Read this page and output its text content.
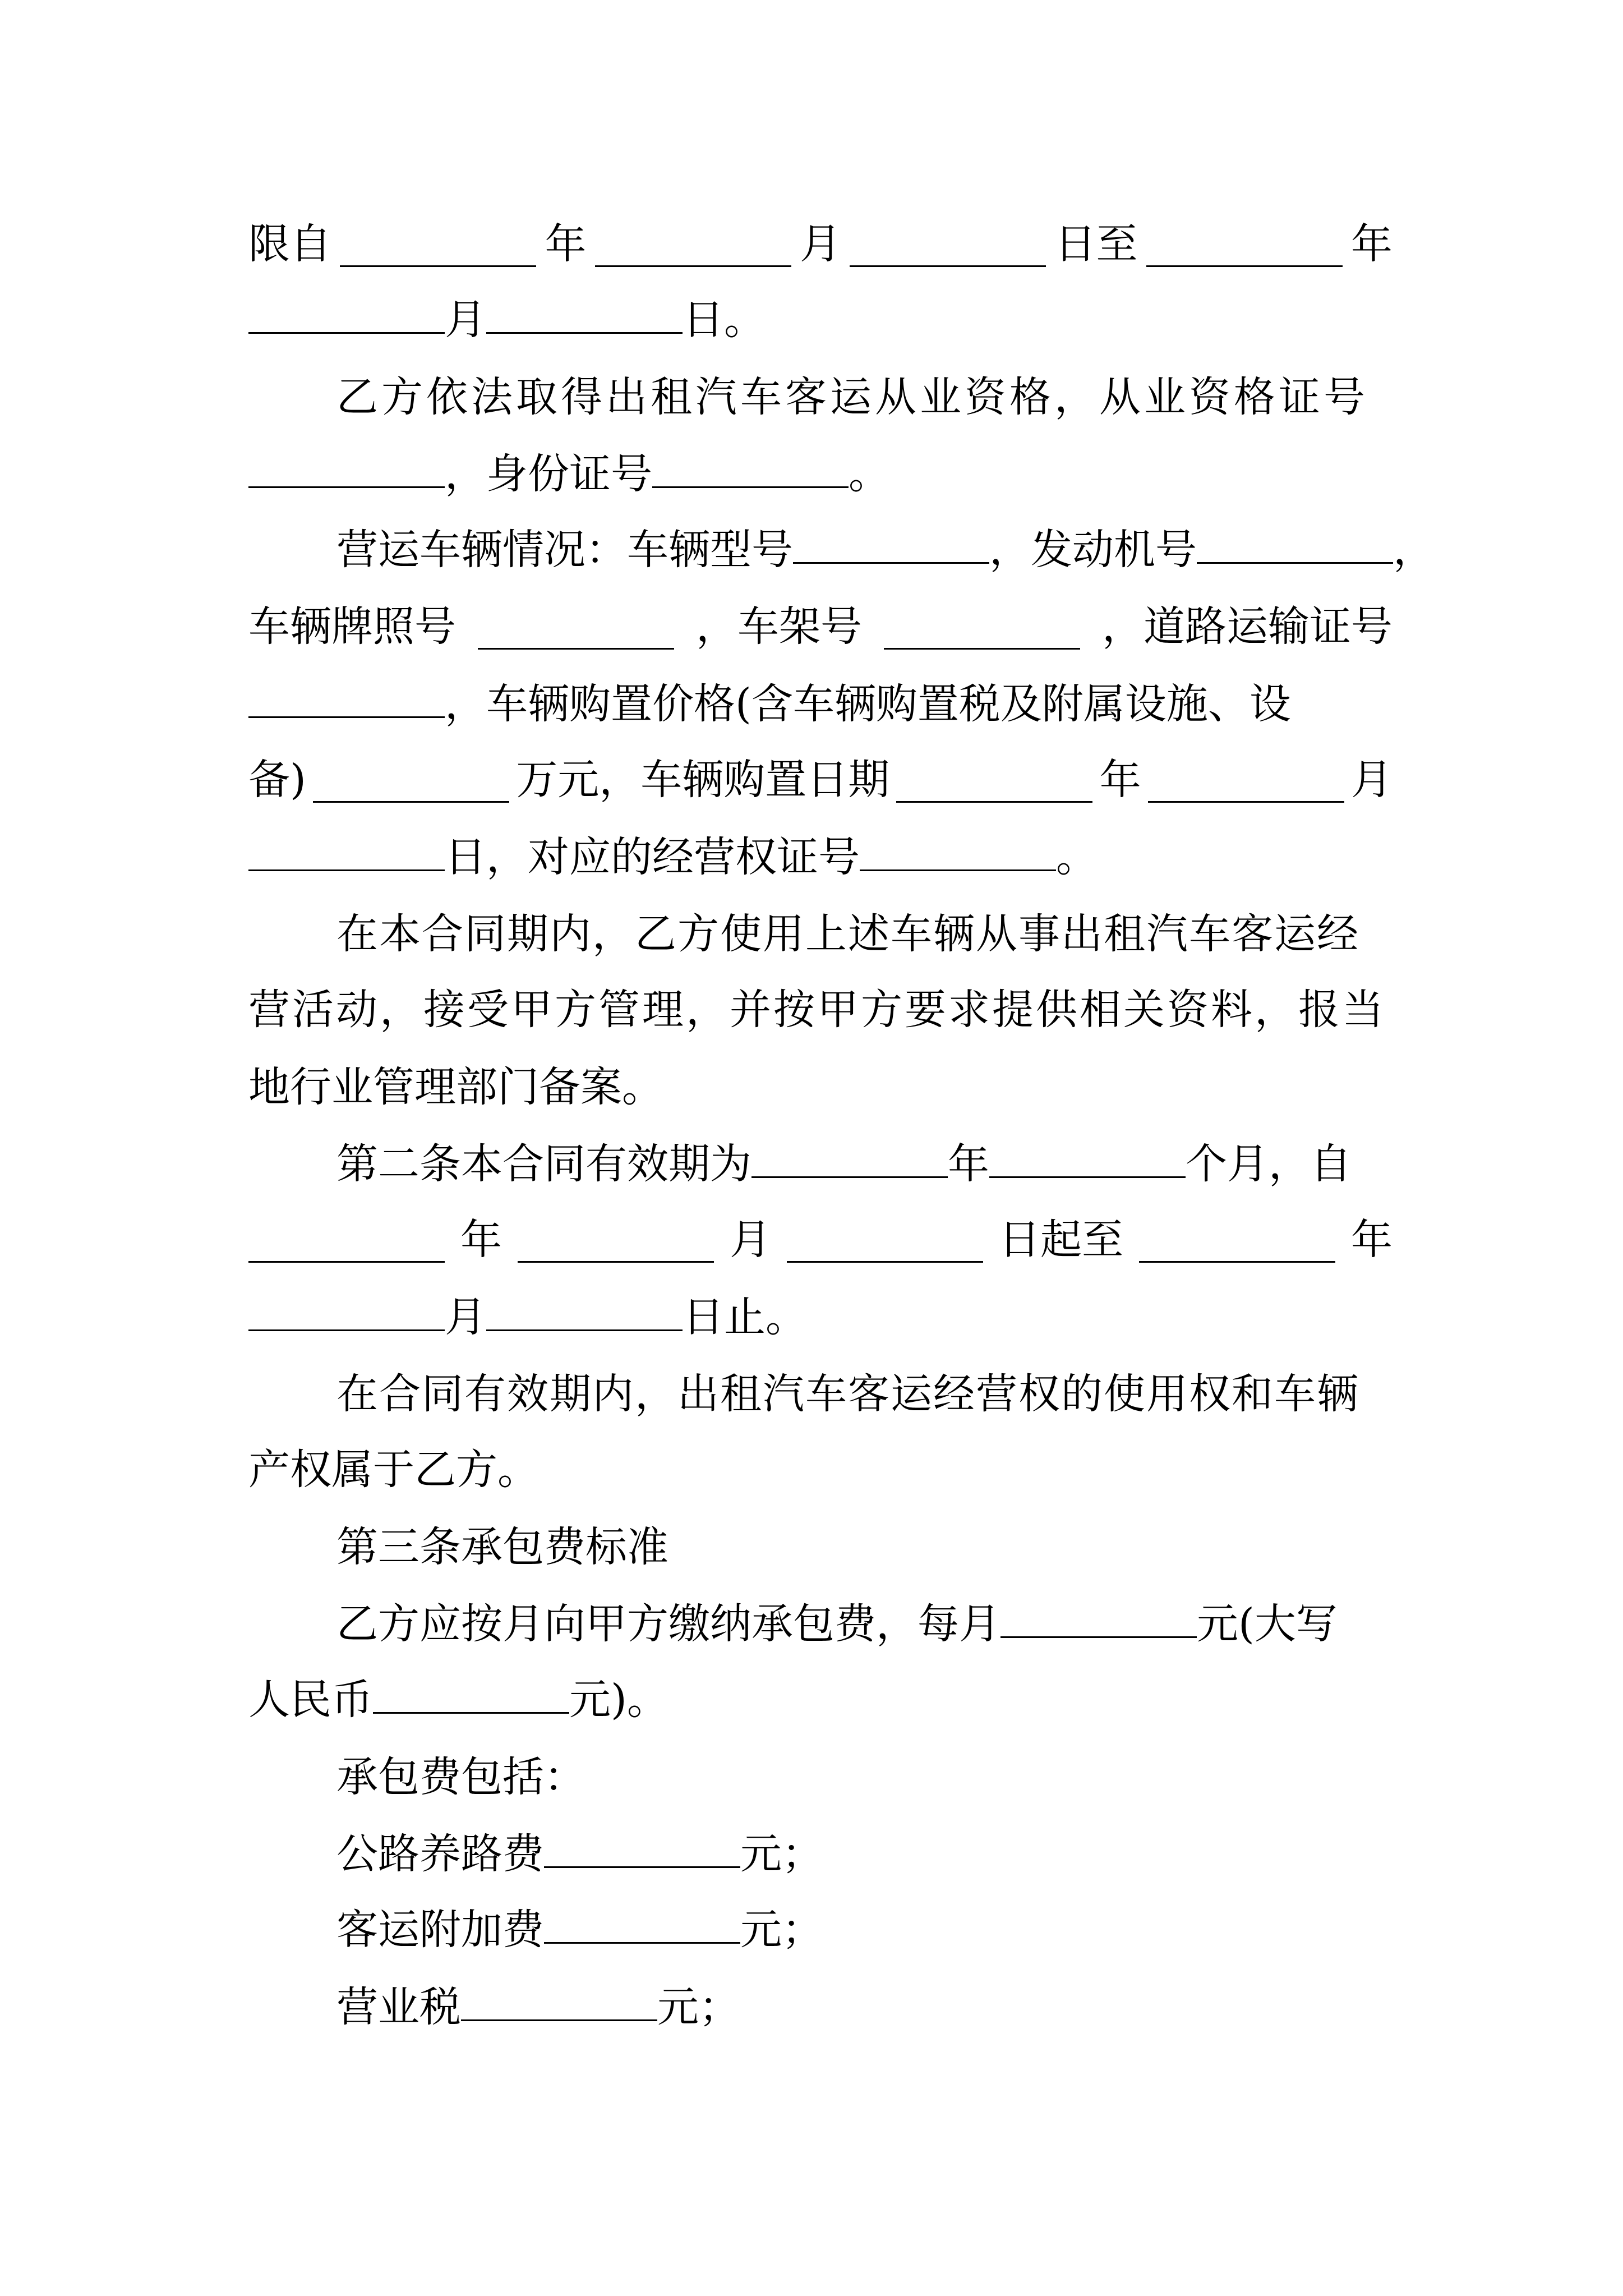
限自	年	月	日至	年
月	日。
乙方依法取得出租汽车客运从业资格，从业资格证号
，身份证号	。
营运车辆情况：车辆型号	，发动机号	，
车辆牌照号	，车架号	，道路运输证号
，车辆购置价格(含车辆购置税及附属设施、设
备)	万元，车辆购置日期	年	月
日，对应的经营权证号	。
在本合同期内，乙方使用上述车辆从事出租汽车客运经
营活动，接受甲方管理，并按甲方要求提供相关资料，报当
地行业管理部门备案。
第二条本合同有效期为	年	个月，自
年	月	日起至	年
月	日止。
在合同有效期内，出租汽车客运经营权的使用权和车辆
产权属于乙方。
第三条承包费标准
乙方应按月向甲方缴纳承包费，每月	元(大写
人民币	元)。
承包费包括：
公路养路费	元；
客运附加费	元；
营业税	元；
